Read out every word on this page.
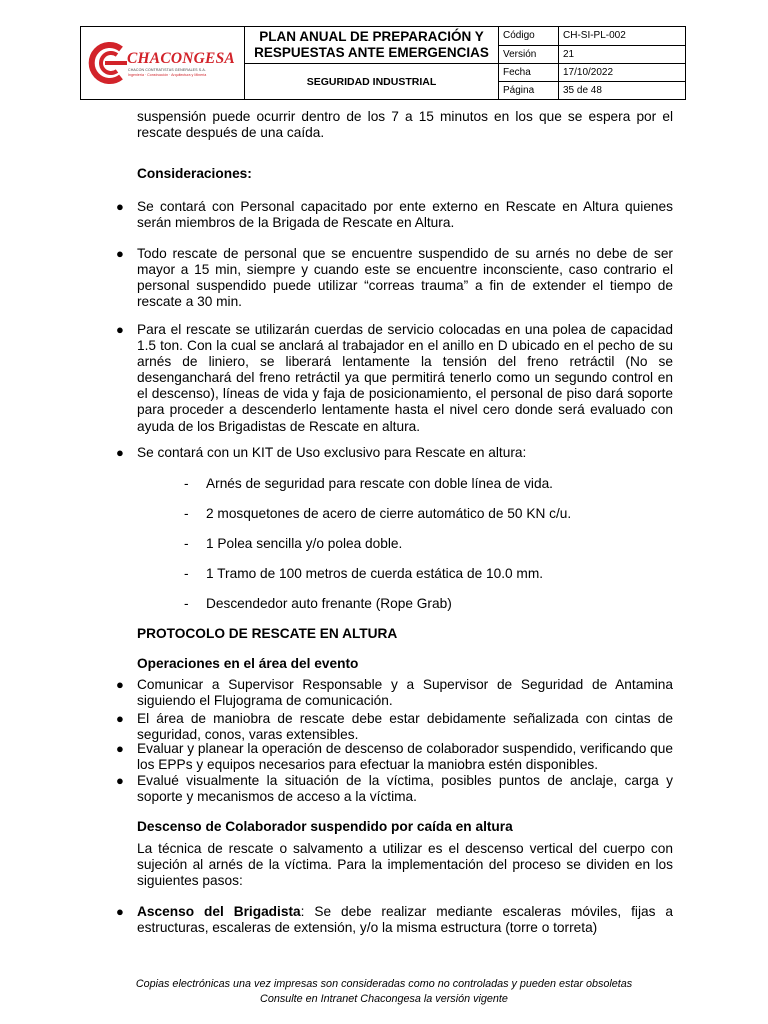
CHACONGESA
CHACON CONTRATISTAS GENERALES S.A.
Ingeniería · Construcción · Arquitectura y Minería	PLAN ANUAL DE PREPARACIÓN Y
RESPUESTAS ANTE EMERGENCIAS	Código	CH-SI-PL-002
		Versión	21
	SEGURIDAD INDUSTRIAL	Fecha	17/10/2022
		Página	35 de 48
suspensión puede ocurrir dentro de los 7 a 15 minutos en los que se espera por el rescate después de una caída.
Consideraciones:
● Se contará con Personal capacitado por ente externo en Rescate en Altura quienes serán miembros de la Brigada de Rescate en Altura.
● Todo rescate de personal que se encuentre suspendido de su arnés no debe de ser mayor a 15 min, siempre y cuando este se encuentre inconsciente, caso contrario el personal suspendido puede utilizar “correas trauma” a fin de extender el tiempo de rescate a 30 min.
● Para el rescate se utilizarán cuerdas de servicio colocadas en una polea de capacidad 1.5 ton. Con la cual se anclará al trabajador en el anillo en D ubicado en el pecho de su arnés de liniero, se liberará lentamente la tensión del freno retráctil (No se desenganchará del freno retráctil ya que permitirá tenerlo como un segundo control en el descenso), líneas de vida y faja de posicionamiento, el personal de piso dará soporte para proceder a descenderlo lentamente hasta el nivel cero donde será evaluado con ayuda de los Brigadistas de Rescate en altura.
● Se contará con un KIT de Uso exclusivo para Rescate en altura:
- Arnés de seguridad para rescate con doble línea de vida.
- 2 mosquetones de acero de cierre automático de 50 KN c/u.
- 1 Polea sencilla y/o polea doble.
- 1 Tramo de 100 metros de cuerda estática de 10.0 mm.
- Descendedor auto frenante (Rope Grab)
PROTOCOLO DE RESCATE EN ALTURA
Operaciones en el área del evento
● Comunicar a Supervisor Responsable y a Supervisor de Seguridad de Antamina siguiendo el Flujograma de comunicación.
● El área de maniobra de rescate debe estar debidamente señalizada con cintas de seguridad, conos, varas extensibles.
● Evaluar y planear la operación de descenso de colaborador suspendido, verificando que los EPPs y equipos necesarios para efectuar la maniobra estén disponibles.
● Evalué visualmente la situación de la víctima, posibles puntos de anclaje, carga y soporte y mecanismos de acceso a la víctima.
Descenso de Colaborador suspendido por caída en altura
La técnica de rescate o salvamento a utilizar es el descenso vertical del cuerpo con sujeción al arnés de la víctima. Para la implementación del proceso se dividen en los siguientes pasos:
● Ascenso del Brigadista: Se debe realizar mediante escaleras móviles, fijas a estructuras, escaleras de extensión, y/o la misma estructura (torre o torreta)
Copias electrónicas una vez impresas son consideradas como no controladas y pueden estar obsoletas
Consulte en Intranet Chacongesa la versión vigente
